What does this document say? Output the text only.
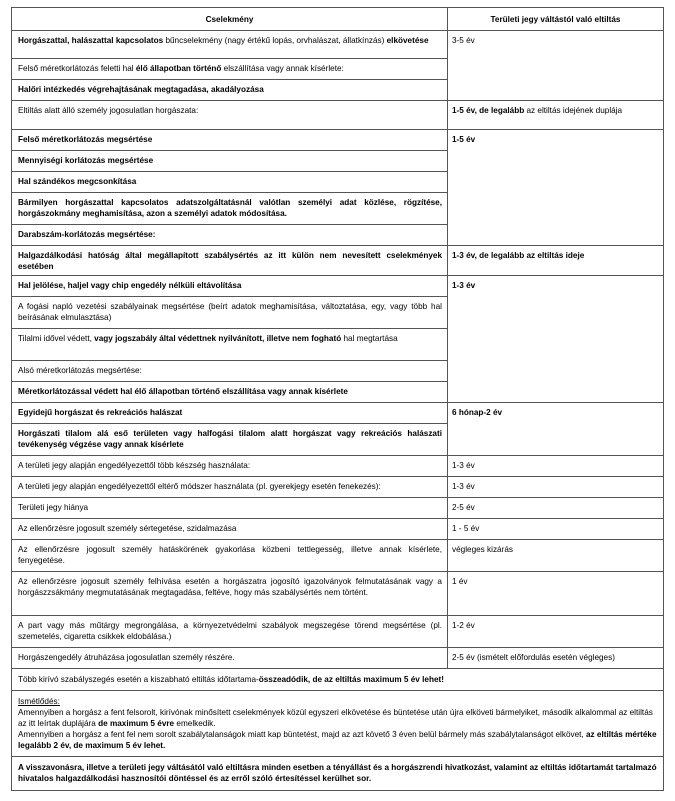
Cselekmény	Területi jegy váltástól való eltiltás
Horgászattal, halászattal kapcsolatos bűncselekmény (nagy értékű lopás, orvhalászat, állatkínzás) elkövetése	3-5 év
Felső méretkorlátozás feletti hal élő állapotban történő elszállítása vagy annak kísérlete:	
Halőri intézkedés végrehajtásának megtagadása, akadályozása	
Eltiltás alatt álló személy jogosulatlan horgászata:	1-5 év, de legalább az eltiltás idejének duplája
Felső méretkorlátozás megsértése	1-5 év
Mennyiségi korlátozás megsértése	
Hal szándékos megcsonkítása	
Bármilyen horgászattal kapcsolatos adatszolgáltatásnál valótlan személyi adat közlése, rögzítése, horgászokmány meghamisítása, azon a személyi adatok módosítása.	
Darabszám-korlátozás megsértése:	
Halgazdálkodási hatóság által megállapított szabálysértés az itt külön nem nevesített cselekmények esetében	1-3 év, de legalább az eltiltás ideje
Hal jelölése, haljel vagy chip engedély nélküli eltávolítása	1-3 év
A fogási napló vezetési szabályainak megsértése (beírt adatok meghamisítása, változtatása, egy, vagy több hal beírásának elmulasztása)	
Tilalmi idővel védett, vagy jogszabály által védettnek nyilvánított, illetve nem fogható hal megtartása	
Alsó méretkorlátozás megsértése:	
Méretkorlátozással védett hal élő állapotban történő elszállítása vagy annak kísérlete	
Egyidejű horgászat és rekreációs halászat	6 hónap-2 év
Horgászati tilalom alá eső területen vagy halfogási tilalom alatt horgászat vagy rekreációs halászati tevékenység végzése vagy annak kísérlete	
A területi jegy alapján engedélyezettől több készség használata:	1-3 év
A területi jegy alapján engedélyezettől eltérő módszer használata (pl. gyerekjegy esetén fenekezés):	1-3 év
Területi jegy hiánya	2-5 év
Az ellenőrzésre jogosult személy sértegetése, szidalmazása	1 - 5 év
Az ellenőrzésre jogosult személy hatáskörének gyakorlása közbeni tettlegesség, illetve annak kísérlete, fenyegetése.	végleges kizárás
Az ellenőrzésre jogosult személy felhívása esetén a horgászatra jogosító igazolványok felmutatásának vagy a horgászzsákmány megmutatásának megtagadása, feltéve, hogy más szabálysértés nem történt.	1 év
A part vagy más műtárgy megrongálása, a környezetvédelmi szabályok megszegése törend megsértése (pl. szemetelés, cigaretta csikkek eldobálása.)	1-2 év
Horgászengedély átruházása jogosulatlan személy részére.	2-5 év (ismételt előfordulás esetén végleges)
Több kirívó szabályszegés esetén a kiszabható eltiltás időtartama-összeadódik, de az eltiltás maximum 5 év lehet!	
Ismétlődés:
Amennyiben a horgász a fent felsorolt, kirívónak minősített cselekmények közül egyszeri elkövetése és büntetése után újra elköveti bármelyiket, második alkalommal az eltiltás az itt leírtak duplájára de maximum 5 évre emelkedik.
Amennyiben a horgász a fent fel nem sorolt szabálytalanságok miatt kap büntetést, majd az azt követő 3 éven belül bármely más szabálytalanságot elkövet, az eltiltás mértéke legalább 2 év, de maximum 5 év lehet.	
A visszavonásra, illetve a területi jegy váltásától való eltiltásra minden esetben a tényállást és a horgászrendi hivatkozást, valamint az eltiltás időtartamát tartalmazó hivatalos halgazdálkodási hasznosítói döntéssel és az erről szóló értesítéssel kerülhet sor.	
